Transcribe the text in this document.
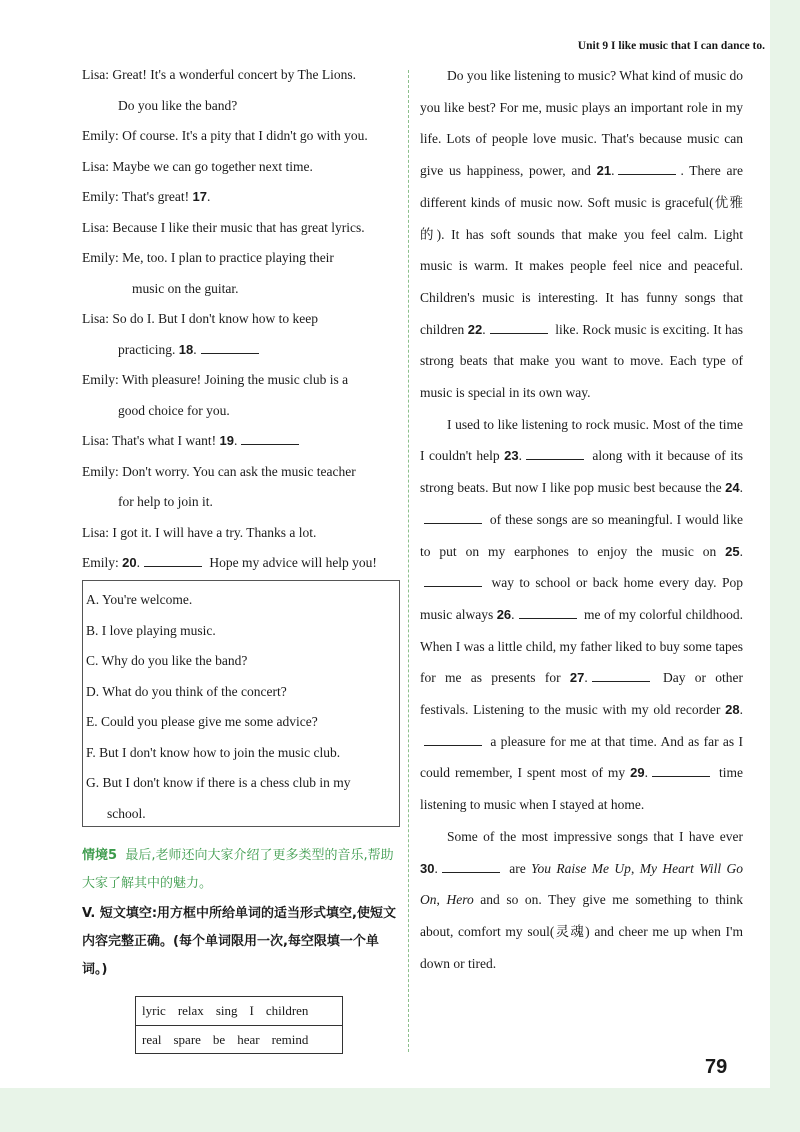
Unit 9 I like music that I can dance to.
Lisa: Great! It's a wonderful concert by The Lions.
Do you like the band?
Emily: Of course. It's a pity that I didn't go with you.
Lisa: Maybe we can go together next time.
Emily: That's great! 17.
Lisa: Because I like their music that has great lyrics.
Emily: Me, too. I plan to practice playing their
music on the guitar.
Lisa: So do I. But I don't know how to keep
practicing. 18.
Emily: With pleasure! Joining the music club is a
good choice for you.
Lisa: That's what I want! 19.
Emily: Don't worry. You can ask the music teacher
for help to join it.
Lisa: I got it. I will have a try. Thanks a lot.
Emily: 20.	Hope my advice will help you!
A. You're welcome.
B. I love playing music.
C. Why do you like the band?
D. What do you think of the concert?
E. Could you please give me some advice?
F. But I don't know how to join the music club.
G. But I don't know if there is a chess club in my
school.
情境5 最后,老师还向大家介绍了更多类型的音乐,帮助大家了解其中的魅力。
V. 短文填空:用方框中所给单词的适当形式填空,使短文内容完整正确。(每个单词限用一次,每空限填一个单词。)
lyric relax sing I children
real spare be hear remind

Do you like listening to music? What kind of music do you like best? For me, music plays an important role in my life. Lots of people love music. That's because music can give us happiness, power, and 21.	. There are different kinds of music now. Soft music is graceful(优雅的). It has soft sounds that make you feel calm. Light music is warm. It makes people feel nice and peaceful. Children's music is interesting. It has funny songs that children 22.	like. Rock music is exciting. It has strong beats that make you want to move. Each type of music is special in its own way.

I used to like listening to rock music. Most of the time I couldn't help 23.	along with it because of its strong beats. But now I like pop music best because the 24. of these songs are so meaningful. I would like to put on my earphones to enjoy the music on 25. way to school or back home every day. Pop music always 26.	me of my colorful childhood. When I was a little child, my father liked to buy some tapes for me as presents for 27.	Day or other festivals. Listening to the music with my old recorder 28. a pleasure for me at that time. And as far as I could remember, I spent most of my 29.	time listening to music when I stayed at home.

Some of the most impressive songs that I have ever 30.	are You Raise Me Up, My Heart Will Go On, Hero and so on. They give me something to think about, comfort my soul(灵魂) and cheer me up when I'm down or tired.

79
